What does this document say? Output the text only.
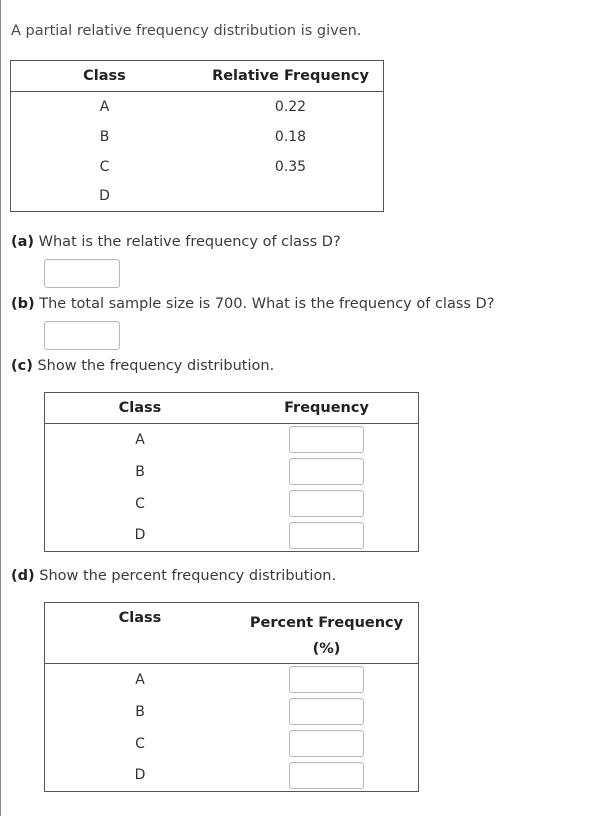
A partial relative frequency distribution is given.
Class	Relative Frequency
A	0.22
B	0.18
C	0.35
D	
(a) What is the relative frequency of class D?
(b) The total sample size is 700. What is the frequency of class D?
(c) Show the frequency distribution.
Class	Frequency
A	
B	
C	
D	
(d) Show the percent frequency distribution.
Class	Percent Frequency
(%)
A	
B	
C	
D	
